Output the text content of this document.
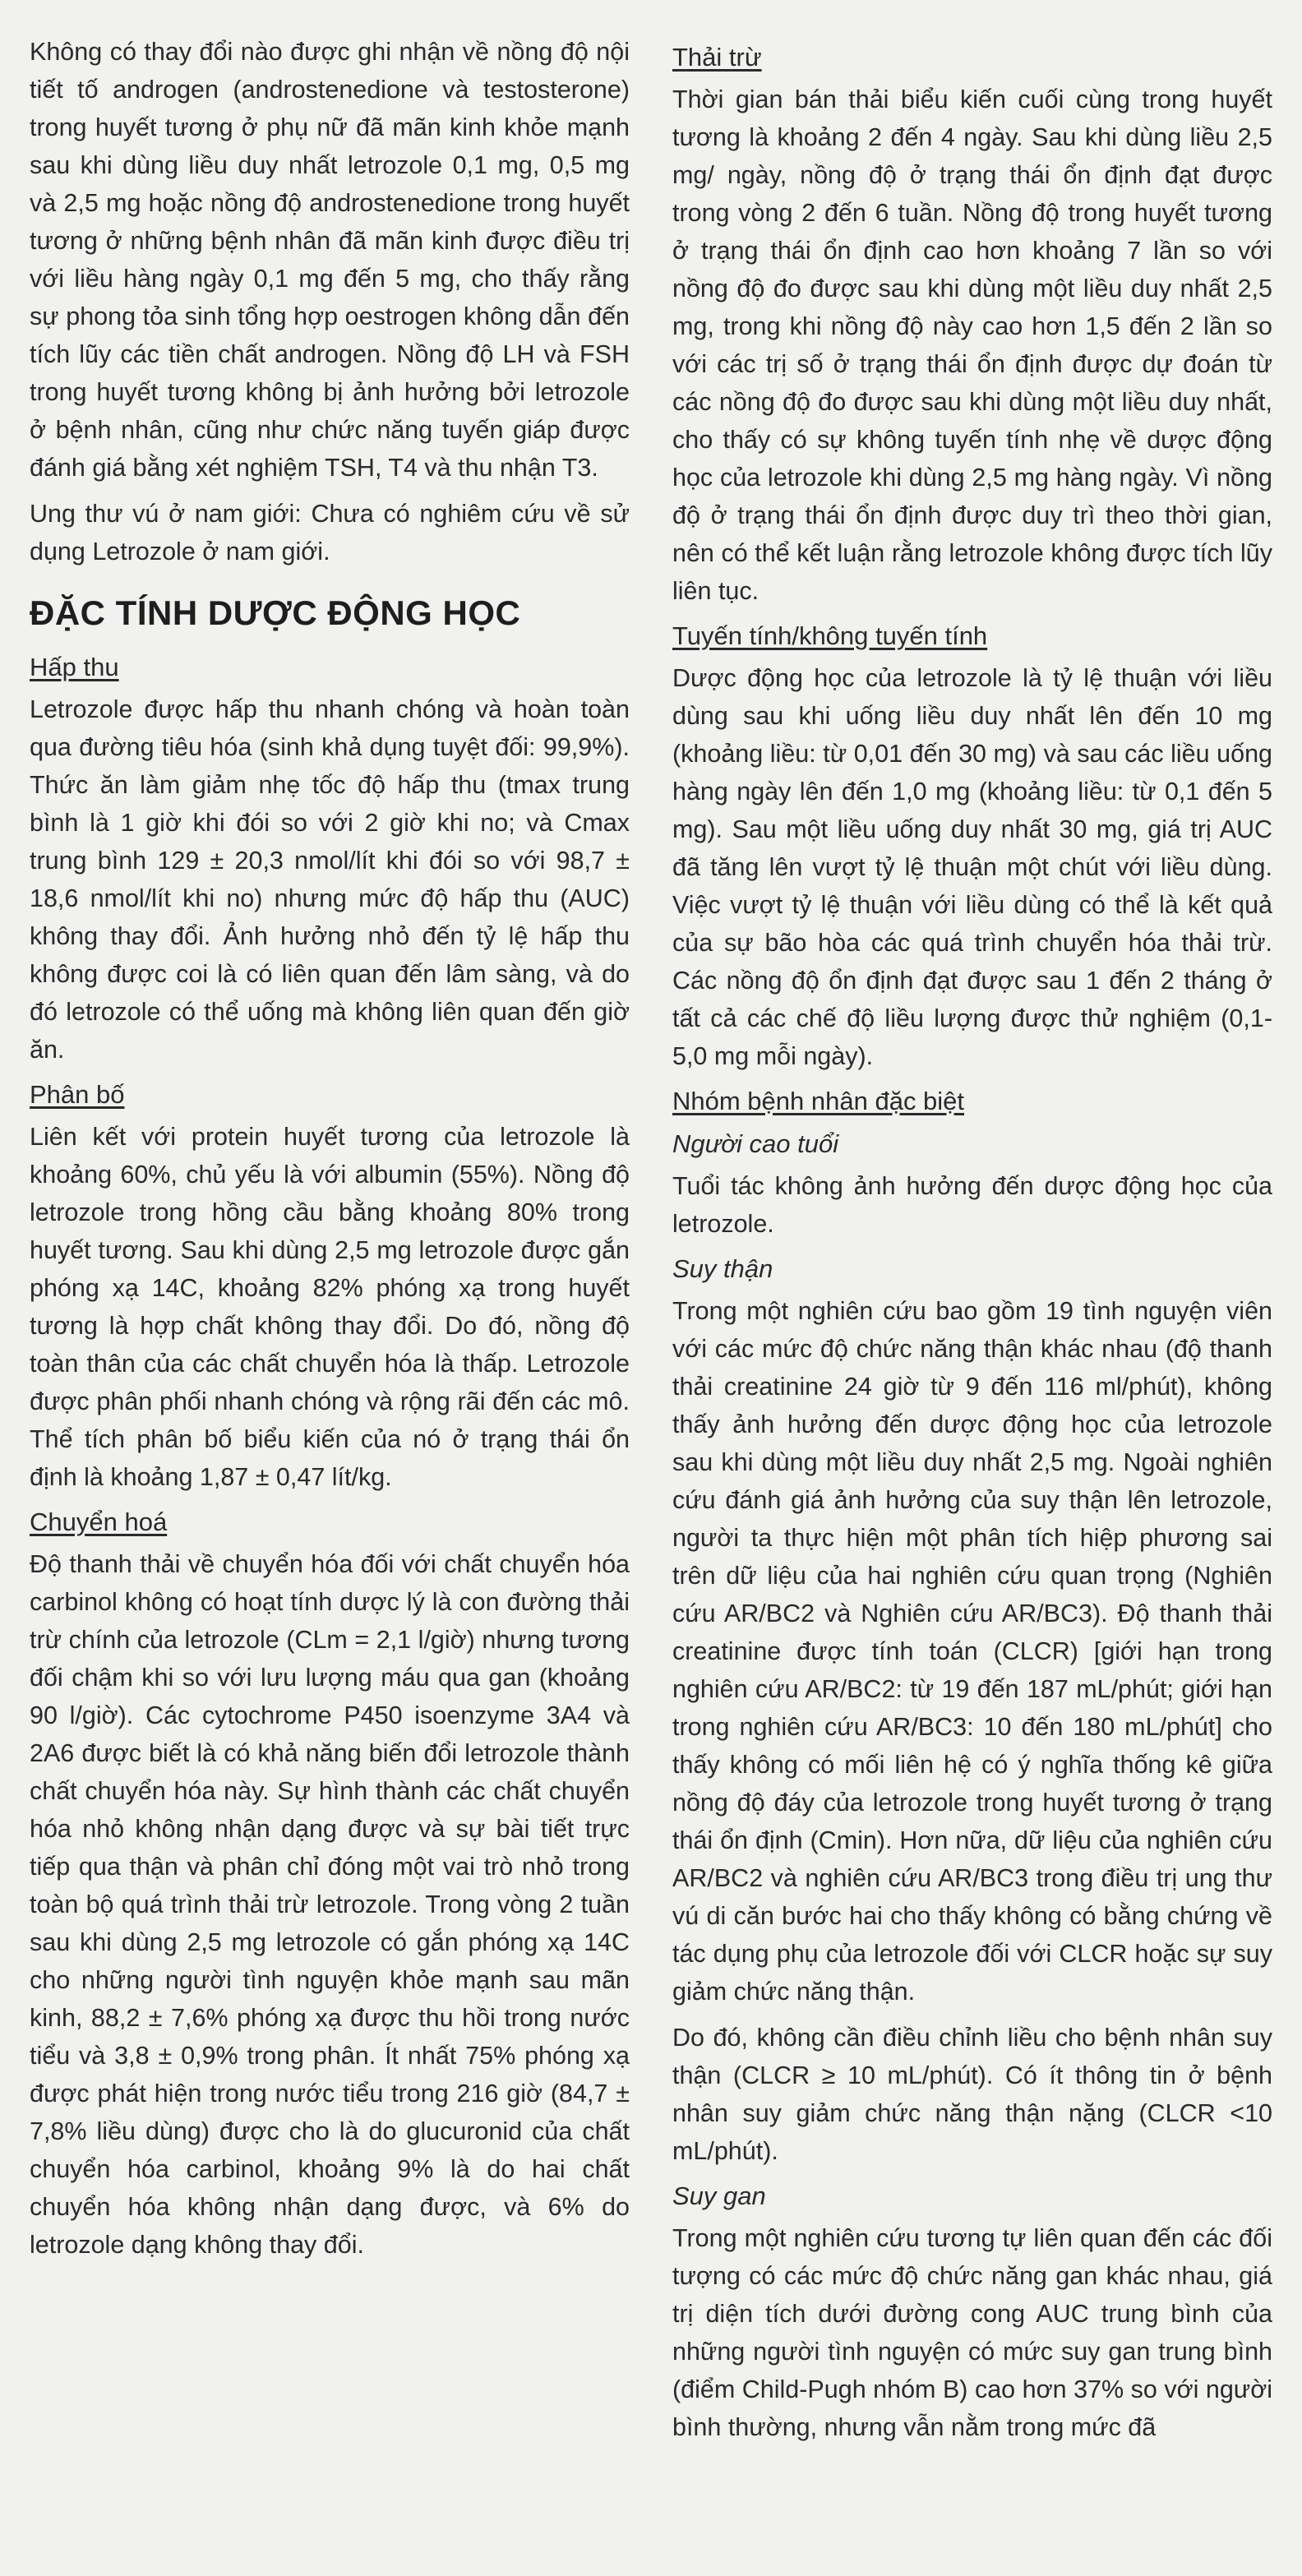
Không có thay đổi nào được ghi nhận về nồng độ nội tiết tố androgen (androstenedione và testosterone) trong huyết tương ở phụ nữ đã mãn kinh khỏe mạnh sau khi dùng liều duy nhất letrozole 0,1 mg, 0,5 mg và 2,5 mg hoặc nồng độ androstenedione trong huyết tương ở những bệnh nhân đã mãn kinh được điều trị với liều hàng ngày 0,1 mg đến 5 mg, cho thấy rằng sự phong tỏa sinh tổng hợp oestrogen không dẫn đến tích lũy các tiền chất androgen. Nồng độ LH và FSH trong huyết tương không bị ảnh hưởng bởi letrozole ở bệnh nhân, cũng như chức năng tuyến giáp được đánh giá bằng xét nghiệm TSH, T4 và thu nhận T3.

Ung thư vú ở nam giới: Chưa có nghiêm cứu về sử dụng Letrozole ở nam giới.

ĐẶC TÍNH DƯỢC ĐỘNG HỌC
Hấp thu

Letrozole được hấp thu nhanh chóng và hoàn toàn qua đường tiêu hóa (sinh khả dụng tuyệt đối: 99,9%). Thức ăn làm giảm nhẹ tốc độ hấp thu (tmax trung bình là 1 giờ khi đói so với 2 giờ khi no; và Cmax trung bình 129 ± 20,3 nmol/lít khi đói so với 98,7 ± 18,6 nmol/lít khi no) nhưng mức độ hấp thu (AUC) không thay đổi. Ảnh hưởng nhỏ đến tỷ lệ hấp thu không được coi là có liên quan đến lâm sàng, và do đó letrozole có thể uống mà không liên quan đến giờ ăn.

Phân bố

Liên kết với protein huyết tương của letrozole là khoảng 60%, chủ yếu là với albumin (55%). Nồng độ letrozole trong hồng cầu bằng khoảng 80% trong huyết tương. Sau khi dùng 2,5 mg letrozole được gắn phóng xạ 14C, khoảng 82% phóng xạ trong huyết tương là hợp chất không thay đổi. Do đó, nồng độ toàn thân của các chất chuyển hóa là thấp. Letrozole được phân phối nhanh chóng và rộng rãi đến các mô. Thể tích phân bố biểu kiến của nó ở trạng thái ổn định là khoảng 1,87 ± 0,47 lít/kg.

Chuyển hoá

Độ thanh thải về chuyển hóa đối với chất chuyển hóa carbinol không có hoạt tính dược lý là con đường thải trừ chính của letrozole (CLm = 2,1 l/giờ) nhưng tương đối chậm khi so với lưu lượng máu qua gan (khoảng 90 l/giờ). Các cytochrome P450 isoenzyme 3A4 và 2A6 được biết là có khả năng biến đổi letrozole thành chất chuyển hóa này. Sự hình thành các chất chuyển hóa nhỏ không nhận dạng được và sự bài tiết trực tiếp qua thận và phân chỉ đóng một vai trò nhỏ trong toàn bộ quá trình thải trừ letrozole. Trong vòng 2 tuần sau khi dùng 2,5 mg letrozole có gắn phóng xạ 14C cho những người tình nguyện khỏe mạnh sau mãn kinh, 88,2 ± 7,6% phóng xạ được thu hồi trong nước tiểu và 3,8 ± 0,9% trong phân. Ít nhất 75% phóng xạ được phát hiện trong nước tiểu trong 216 giờ (84,7 ± 7,8% liều dùng) được cho là do glucuronid của chất chuyển hóa carbinol, khoảng 9% là do hai chất chuyển hóa không nhận dạng được, và 6% do letrozole dạng không thay đổi.

Thải trừ

Thời gian bán thải biểu kiến cuối cùng trong huyết tương là khoảng 2 đến 4 ngày. Sau khi dùng liều 2,5 mg/ ngày, nồng độ ở trạng thái ổn định đạt được trong vòng 2 đến 6 tuần. Nồng độ trong huyết tương ở trạng thái ổn định cao hơn khoảng 7 lần so với nồng độ đo được sau khi dùng một liều duy nhất 2,5 mg, trong khi nồng độ này cao hơn 1,5 đến 2 lần so với các trị số ở trạng thái ổn định được dự đoán từ các nồng độ đo được sau khi dùng một liều duy nhất, cho thấy có sự không tuyến tính nhẹ về dược động học của letrozole khi dùng 2,5 mg hàng ngày. Vì nồng độ ở trạng thái ổn định được duy trì theo thời gian, nên có thể kết luận rằng letrozole không được tích lũy liên tục.

Tuyến tính/không tuyến tính

Dược động học của letrozole là tỷ lệ thuận với liều dùng sau khi uống liều duy nhất lên đến 10 mg (khoảng liều: từ 0,01 đến 30 mg) và sau các liều uống hàng ngày lên đến 1,0 mg (khoảng liều: từ 0,1 đến 5 mg). Sau một liều uống duy nhất 30 mg, giá trị AUC đã tăng lên vượt tỷ lệ thuận một chút với liều dùng. Việc vượt tỷ lệ thuận với liều dùng có thể là kết quả của sự bão hòa các quá trình chuyển hóa thải trừ. Các nồng độ ổn định đạt được sau 1 đến 2 tháng ở tất cả các chế độ liều lượng được thử nghiệm (0,1-5,0 mg mỗi ngày).

Nhóm bệnh nhân đặc biệt
Người cao tuổi

Tuổi tác không ảnh hưởng đến dược động học của letrozole.

Suy thận

Trong một nghiên cứu bao gồm 19 tình nguyện viên với các mức độ chức năng thận khác nhau (độ thanh thải creatinine 24 giờ từ 9 đến 116 ml/phút), không thấy ảnh hưởng đến dược động học của letrozole sau khi dùng một liều duy nhất 2,5 mg. Ngoài nghiên cứu đánh giá ảnh hưởng của suy thận lên letrozole, người ta thực hiện một phân tích hiệp phương sai trên dữ liệu của hai nghiên cứu quan trọng (Nghiên cứu AR/BC2 và Nghiên cứu AR/BC3). Độ thanh thải creatinine được tính toán (CLCR) [giới hạn trong nghiên cứu AR/BC2: từ 19 đến 187 mL/phút; giới hạn trong nghiên cứu AR/BC3: 10 đến 180 mL/phút] cho thấy không có mối liên hệ có ý nghĩa thống kê giữa nồng độ đáy của letrozole trong huyết tương ở trạng thái ổn định (Cmin). Hơn nữa, dữ liệu của nghiên cứu AR/BC2 và nghiên cứu AR/BC3 trong điều trị ung thư vú di căn bước hai cho thấy không có bằng chứng về tác dụng phụ của letrozole đối với CLCR hoặc sự suy giảm chức năng thận.

Do đó, không cần điều chỉnh liều cho bệnh nhân suy thận (CLCR ≥ 10 mL/phút). Có ít thông tin ở bệnh nhân suy giảm chức năng thận nặng (CLCR <10 mL/phút).

Suy gan

Trong một nghiên cứu tương tự liên quan đến các đối tượng có các mức độ chức năng gan khác nhau, giá trị diện tích dưới đường cong AUC trung bình của những người tình nguyện có mức suy gan trung bình (điểm Child-Pugh nhóm B) cao hơn 37% so với người bình thường, nhưng vẫn nằm trong mức đã
